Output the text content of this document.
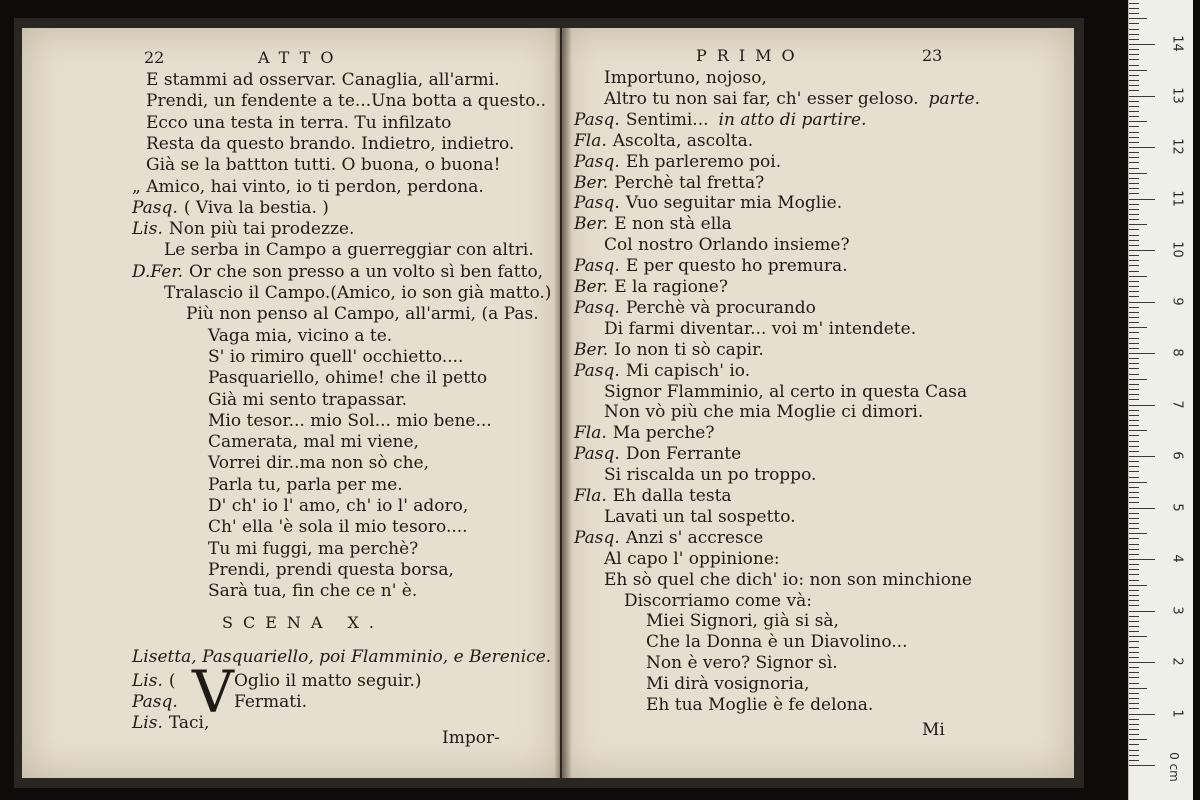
22	ATTO
E stammi ad osservar. Canaglia, all'armi.
Prendi, un fendente a te...Una botta a questo..
Ecco una testa in terra. Tu infilzato
Resta da questo brando. Indietro, indietro.
Già se la battton tutti. O buona, o buona!
„ Amico, hai vinto, io ti perdon, perdona.
Pasq. ( Viva la bestia. )
Lis. Non più tai prodezze.
Le serba in Campo a guerreggiar con altri.
D.Fer. Or che son presso a un volto sì ben fatto,
Tralascio il Campo.(Amico, io son già matto.)
Più non penso al Campo, all'armi, (a Pas.
Vaga mia, vicino a te.
S' io rimiro quell' occhietto....
Pasquariello, ohime! che il petto
Già mi sento trapassar.
Mio tesor... mio Sol... mio bene...
Camerata, mal mi viene,
Vorrei dir..ma non sò che,
Parla tu, parla per me.
D' ch' io l' amo, ch' io l' adoro,
Ch' ella 'è sola il mio tesoro....
Tu mi fuggi, ma perchè?
Prendi, prendi questa borsa,
Sarà tua, fin che ce n' è.
SCENA X.
Lisetta, Pasquariello, poi Flamminio, e Berenice.
Lis. ( V Oglio il matto seguir.)
Pasq.	Fermati.
Lis. Taci,
Impor-
PRIMO	23
Importuno, nojoso,
Altro tu non sai far, ch' esser geloso. parte.
Pasq. Sentimi... in atto di partire.
Fla. Ascolta, ascolta.
Pasq. Eh parleremo poi.
Ber. Perchè tal fretta?
Pasq. Vuo seguitar mia Moglie.
Ber. E non stà ella
Col nostro Orlando insieme?
Pasq. E per questo ho premura.
Ber. E la ragione?
Pasq. Perchè và procurando
Di farmi diventar... voi m' intendete.
Ber. Io non ti sò capir.
Pasq. Mi capisch' io.
Signor Flamminio, al certo in questa Casa
Non vò più che mia Moglie ci dimori.
Fla. Ma perche?
Pasq. Don Ferrante
Si riscalda un po troppo.
Fla. Eh dalla testa
Lavati un tal sospetto.
Pasq. Anzi s' accresce
Al capo l' oppinione:
Eh sò quel che dich' io: non son minchione
Discorriamo come và:
Miei Signori, già si sà,
Che la Donna è un Diavolino...
Non è vero? Signor sì.
Mi dirà vosignoria,
Eh tua Moglie è fe delona.
Mi
0 cm
1
2
3
4
5
6
7
8
9
10
11
12
13
14
